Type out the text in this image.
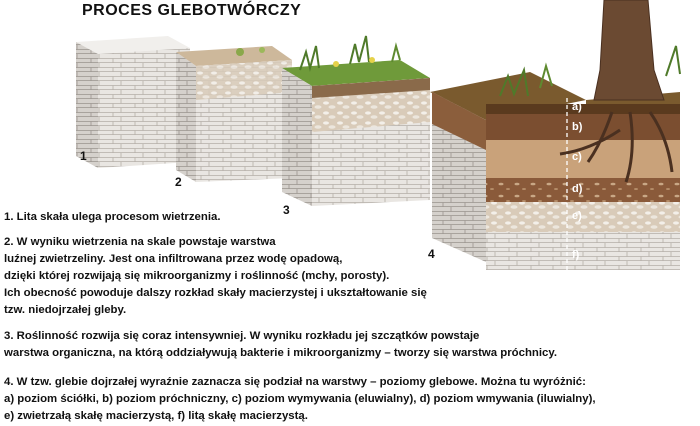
PROCES GLEBOTWÓRCZY
1
2
3
4
a)
b)
c)
d)
e)
f)
1. Lita skała ulega procesom wietrzenia.
2. W wyniku wietrzenia na skale powstaje warstwa
luźnej zwietrzeliny. Jest ona infiltrowana przez wodę opadową,
dzięki której rozwijają się mikroorganizmy i roślinność (mchy, porosty).
Ich obecność powoduje dalszy rozkład skały macierzystej i ukształtowanie się
tzw. niedojrzałej gleby.
3. Roślinność rozwija się coraz intensywniej. W wyniku rozkładu jej szczątków powstaje
warstwa organiczna, na którą oddziaływują bakterie i mikroorganizmy – tworzy się warstwa próchnicy.
4. W tzw. glebie dojrzałej wyraźnie zaznacza się podział na warstwy – poziomy glebowe. Można tu wyróżnić:
a) poziom ściółki, b) poziom próchniczny, c) poziom wymywania (eluwialny), d) poziom wmywania (iluwialny),
e) zwietrzałą skałę macierzystą, f) litą skałę macierzystą.
